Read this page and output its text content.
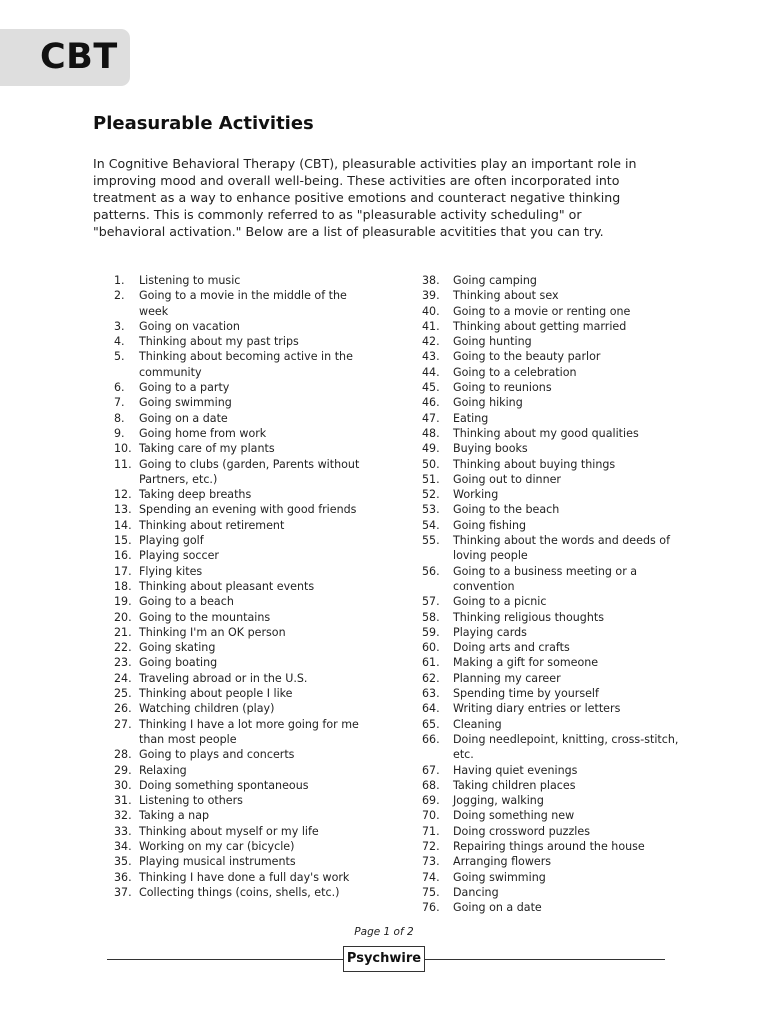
CBT
Pleasurable Activities

In Cognitive Behavioral Therapy (CBT), pleasurable activities play an important role in improving mood and overall well-being. These activities are often incorporated into treatment as a way to enhance positive emotions and counteract negative thinking patterns. This is commonly referred to as "pleasurable activity scheduling" or "behavioral activation." Below are a list of pleasurable acvitities that you can try.

1.	Listening to music
2.	Going to a movie in the middle of the week
3.	Going on vacation
4.	Thinking about my past trips
5.	Thinking about becoming active in the community
6.	Going to a party
7.	Going swimming
8.	Going on a date
9.	Going home from work
10. Taking care of my plants
11. Going to clubs (garden, Parents without Partners, etc.)
12. Taking deep breaths
13. Spending an evening with good friends
14. Thinking about retirement
15. Playing golf
16. Playing soccer
17. Flying kites
18. Thinking about pleasant events
19. Going to a beach
20. Going to the mountains
21. Thinking I'm an OK person
22. Going skating
23. Going boating
24. Traveling abroad or in the U.S.
25. Thinking about people I like
26. Watching children (play)
27. Thinking I have a lot more going for me than most people
28. Going to plays and concerts
29. Relaxing
30. Doing something spontaneous
31. Listening to others
32. Taking a nap
33. Thinking about myself or my life
34. Working on my car (bicycle)
35. Playing musical instruments
36. Thinking I have done a full day's work
37. Collecting things (coins, shells, etc.)
38.	Going camping
39.	Thinking about sex
40.	Going to a movie or renting one
41.	Thinking about getting married
42.	Going hunting
43.	Going to the beauty parlor
44.	Going to a celebration
45.	Going to reunions
46.	Going hiking
47.	Eating
48.	Thinking about my good qualities
49.	Buying books
50.	Thinking about buying things
51.	Going out to dinner
52.	Working
53.	Going to the beach
54.	Going fishing
55.	Thinking about the words and deeds of loving people
56.	Going to a business meeting or a convention
57.	Going to a picnic
58.	Thinking religious thoughts
59.	Playing cards
60.	Doing arts and crafts
61.	Making a gift for someone
62.	Planning my career
63.	Spending time by yourself
64.	Writing diary entries or letters
65.	Cleaning
66.	Doing needlepoint, knitting, cross-stitch, etc.
67.	Having quiet evenings
68.	Taking children places
69.	Jogging, walking
70.	Doing something new
71.	Doing crossword puzzles
72.	Repairing things around the house
73.	Arranging flowers
74.	Going swimming
75.	Dancing
76.	Going on a date
Page 1 of 2
Psychwire
